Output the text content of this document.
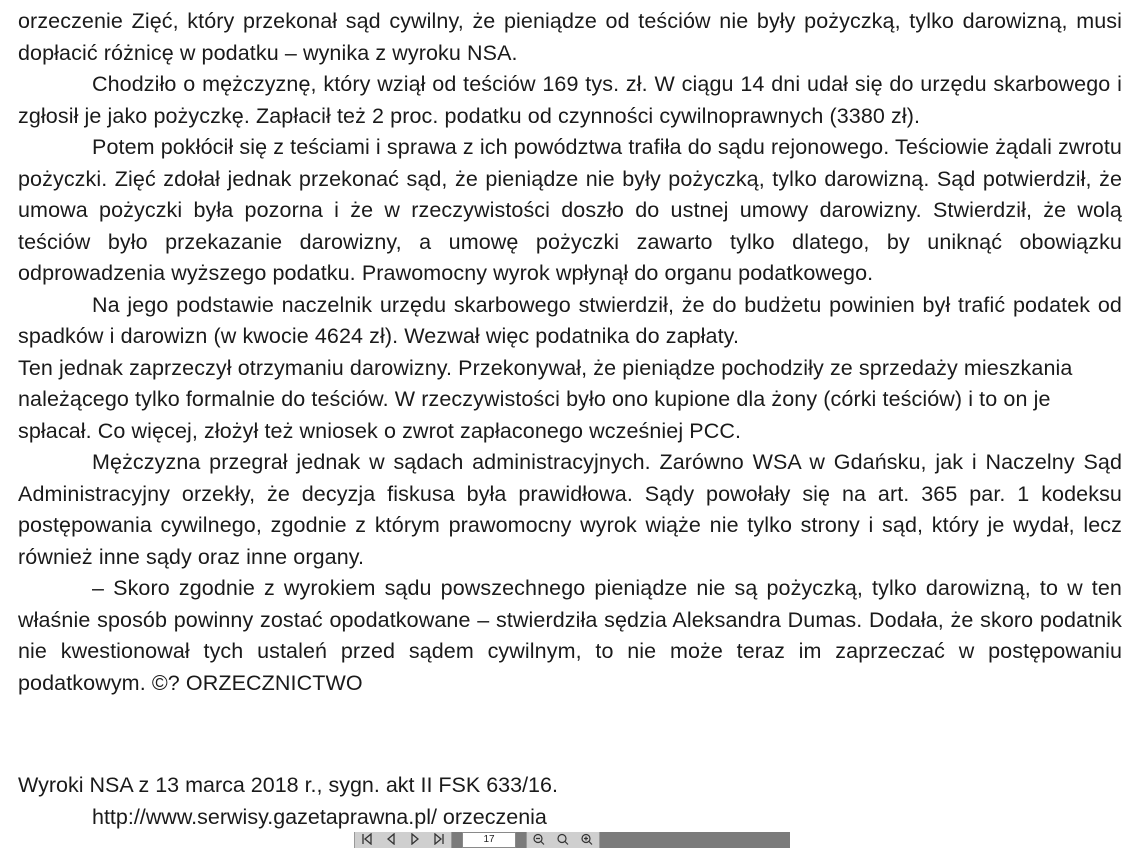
orzeczenie Zięć, który przekonał sąd cywilny, że pieniądze od teściów nie były pożyczką, tylko darowizną, musi dopłacić różnicę w podatku – wynika z wyroku NSA.

Chodziło o mężczyznę, który wziął od teściów 169 tys. zł. W ciągu 14 dni udał się do urzędu skarbowego i zgłosił je jako pożyczkę. Zapłacił też 2 proc. podatku od czynności cywilnoprawnych (3380 zł).

Potem pokłócił się z teściami i sprawa z ich powództwa trafiła do sądu rejonowego. Teściowie żądali zwrotu pożyczki. Zięć zdołał jednak przekonać sąd, że pieniądze nie były pożyczką, tylko darowizną. Sąd potwierdził, że umowa pożyczki była pozorna i że w rzeczywistości doszło do ustnej umowy darowizny. Stwierdził, że wolą teściów było przekazanie darowizny, a umowę pożyczki zawarto tylko dlatego, by uniknąć obowiązku odprowadzenia wyższego podatku. Prawomocny wyrok wpłynął do organu podatkowego.

Na jego podstawie naczelnik urzędu skarbowego stwierdził, że do budżetu powinien był trafić podatek od spadków i darowizn (w kwocie 4624 zł). Wezwał więc podatnika do zapłaty.

Ten jednak zaprzeczył otrzymaniu darowizny. Przekonywał, że pieniądze pochodziły ze sprzedaży mieszkania należącego tylko formalnie do teściów. W rzeczywistości było ono kupione dla żony (córki teściów) i to on je spłacał. Co więcej, złożył też wniosek o zwrot zapłaconego wcześniej PCC.

Mężczyzna przegrał jednak w sądach administracyjnych. Zarówno WSA w Gdańsku, jak i Naczelny Sąd Administracyjny orzekły, że decyzja fiskusa była prawidłowa. Sądy powołały się na art. 365 par. 1 kodeksu postępowania cywilnego, zgodnie z którym prawomocny wyrok wiąże nie tylko strony i sąd, który je wydał, lecz również inne sądy oraz inne organy.

– Skoro zgodnie z wyrokiem sądu powszechnego pieniądze nie są pożyczką, tylko darowizną, to w ten właśnie sposób powinny zostać opodatkowane – stwierdziła sędzia Aleksandra Dumas. Dodała, że skoro podatnik nie kwestionował tych ustaleń przed sądem cywilnym, to nie może teraz im zaprzeczać w postępowaniu podatkowym. ©? ORZECZNICTWO

Wyroki NSA z 13 marca 2018 r., sygn. akt II FSK 633/16.
http://www.serwisy.gazetaprawna.pl/ orzeczenia
17
